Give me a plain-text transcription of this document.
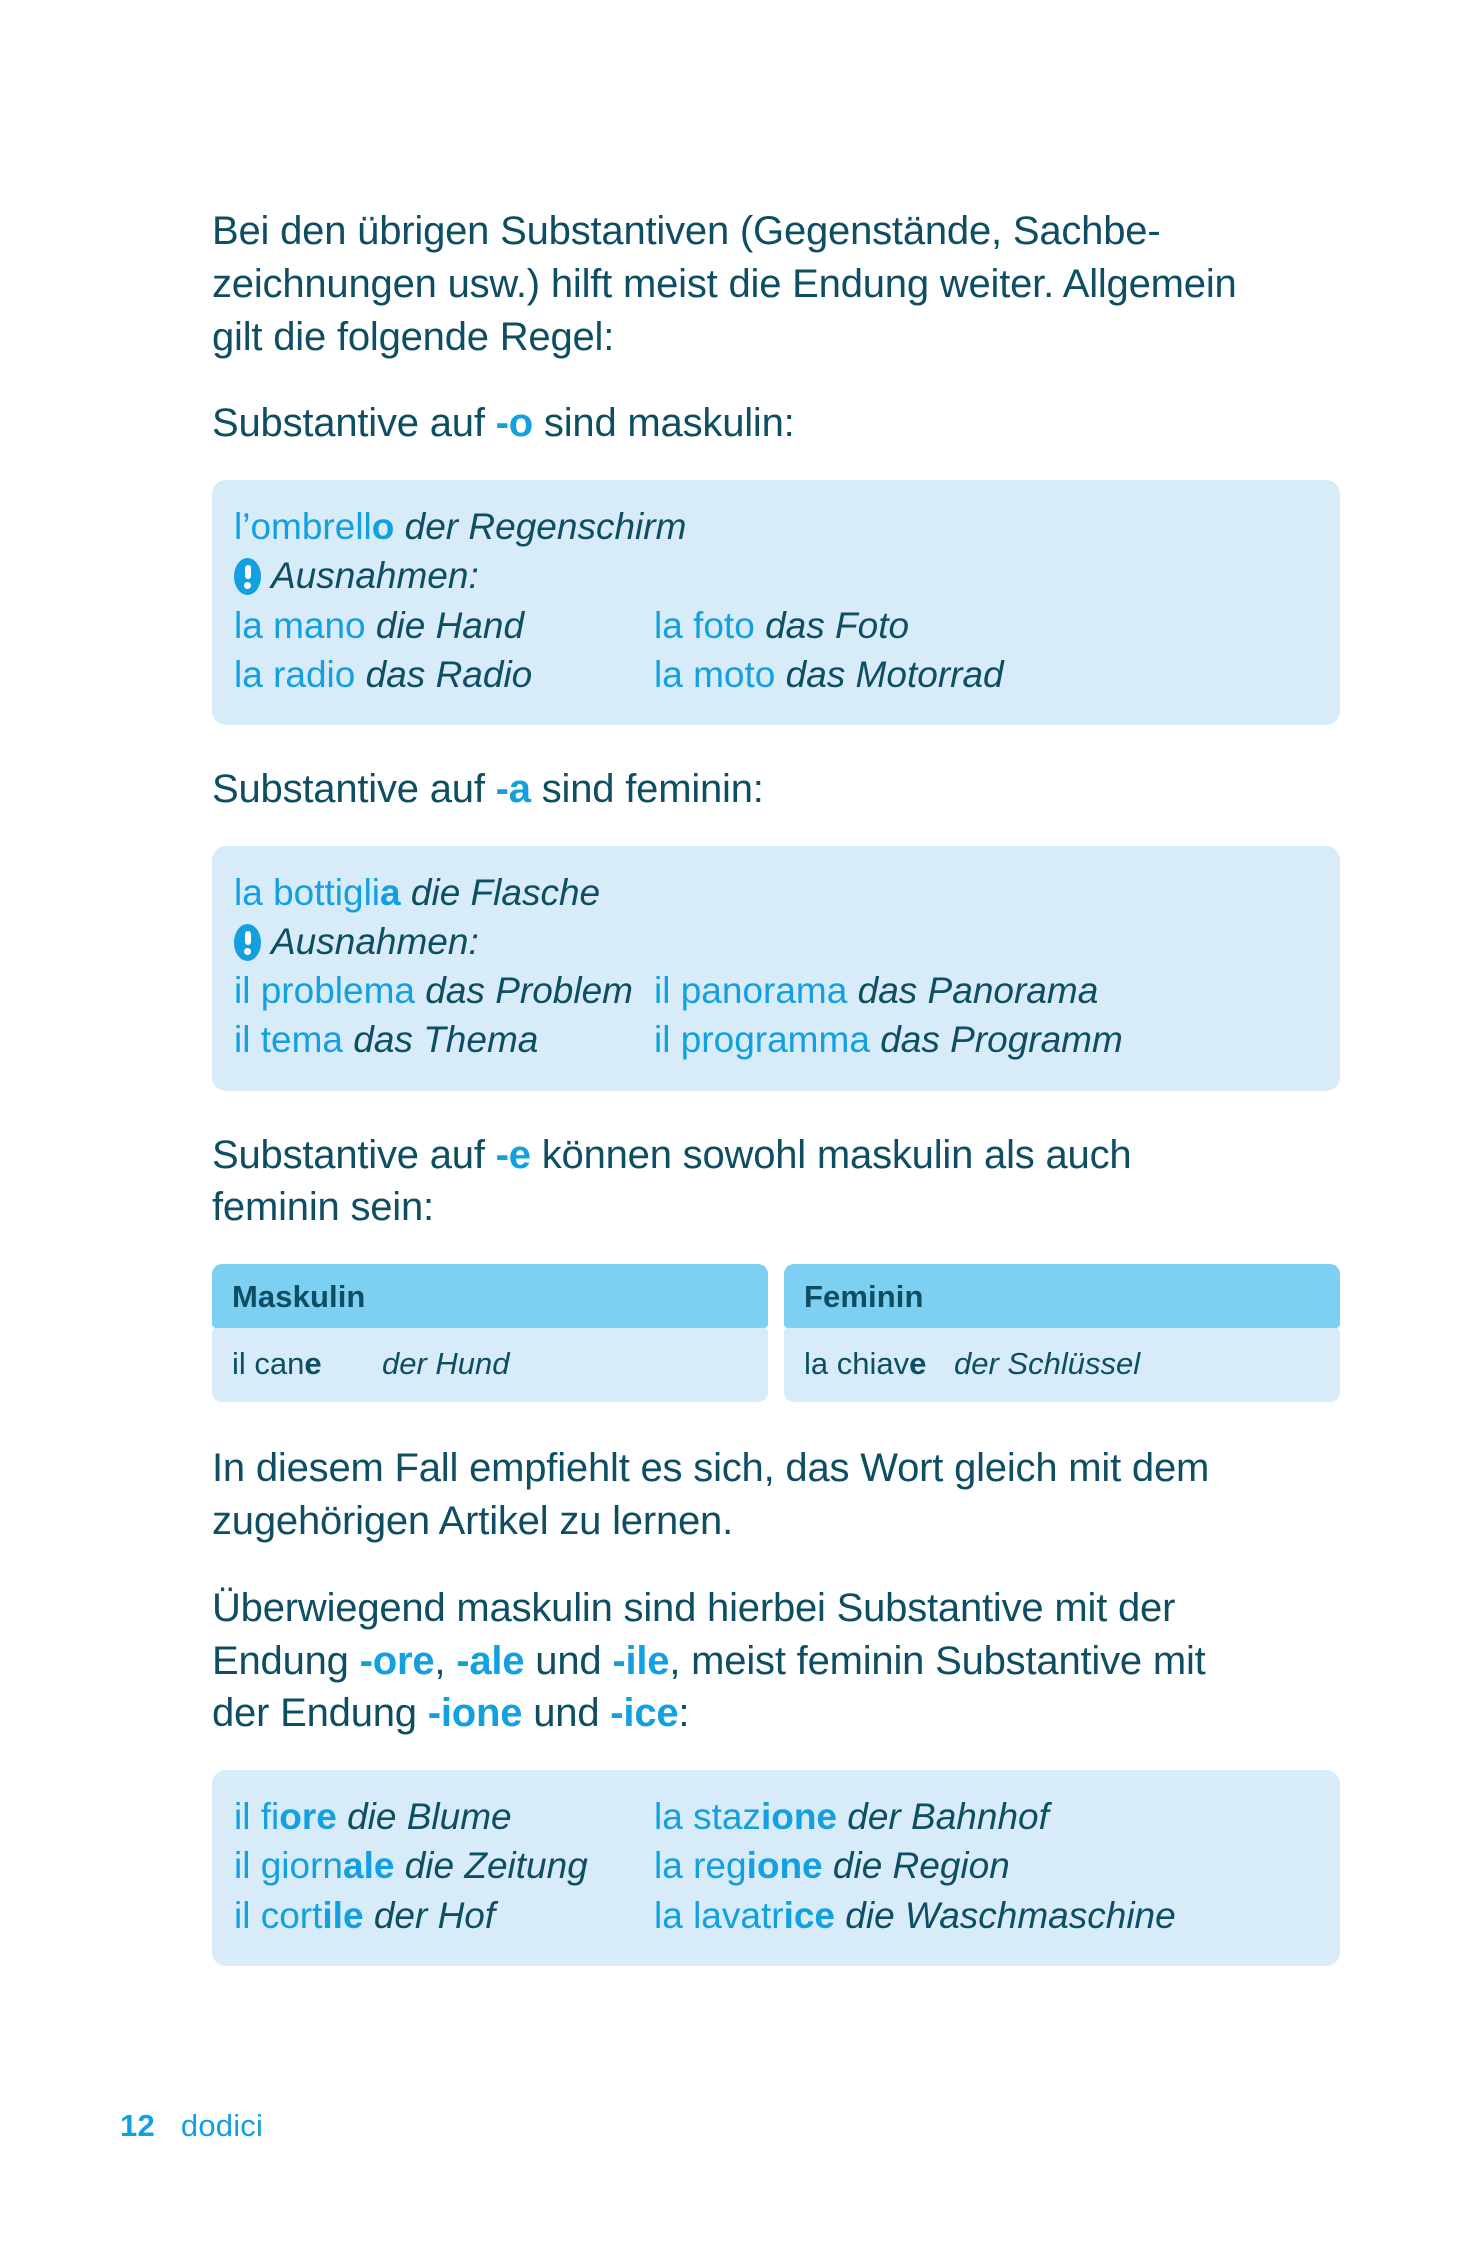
Bei den übrigen Substantiven (Gegenstände, Sachbe-
zeichnungen usw.) hilft meist die Endung weiter. Allgemein
gilt die folgende Regel:

Substantive auf -o sind maskulin:

l’ombrello der Regenschirm
Ausnahmen:
la mano die Hand	la foto das Foto
la radio das Radio	la moto das Motorrad

Substantive auf -a sind feminin:

la bottiglia die Flasche
Ausnahmen:
il problema das Problem il panorama das Panorama
il tema das Thema	il programma das Programm

Substantive auf -e können sowohl maskulin als auch
feminin sein:

Maskulin
il cane	der Hund
Feminin
la chiave der Schlüssel

In diesem Fall empfiehlt es sich, das Wort gleich mit dem
zugehörigen Artikel zu lernen.

Überwiegend maskulin sind hierbei Substantive mit der
Endung -ore, -ale und -ile, meist feminin Substantive mit
der Endung -ione und -ice:

il fiore die Blume	la stazione der Bahnhof
il giornale die Zeitung	la regione die Region
il cortile der Hof	la lavatrice die Waschmaschine
12 dodici
